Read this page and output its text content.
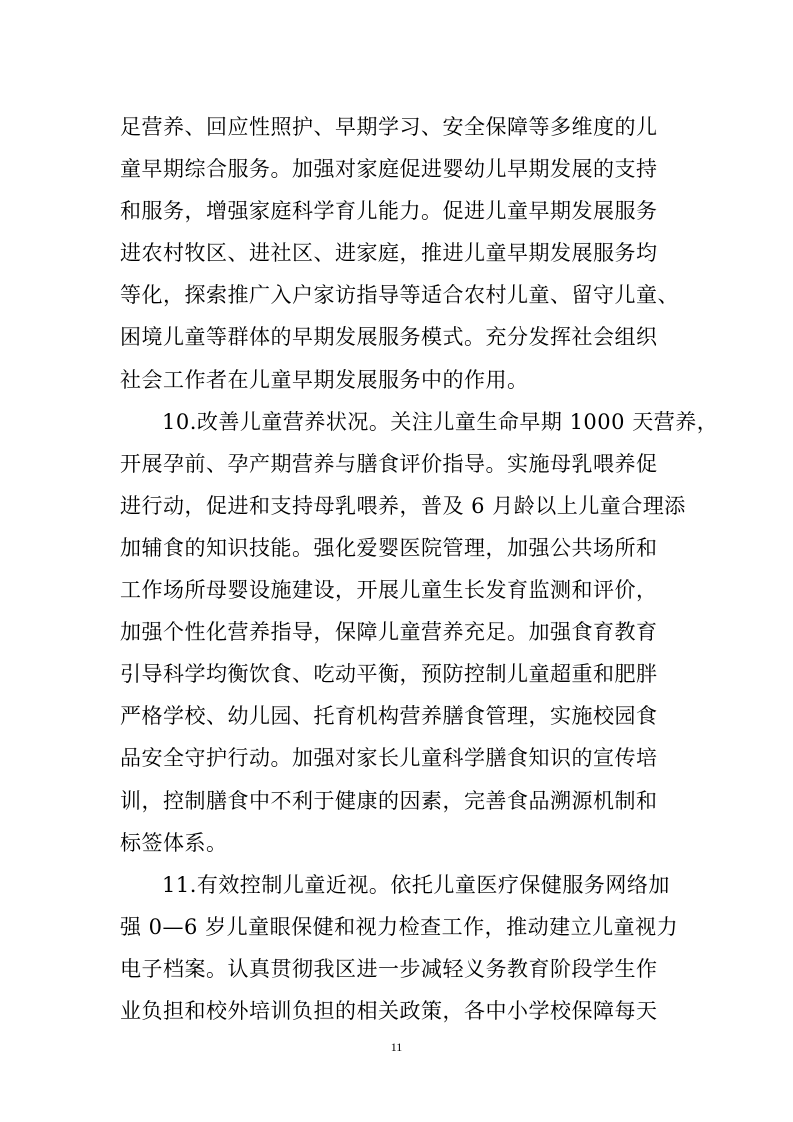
足营养、回应性照护、早期学习、安全保障等多维度的儿
童早期综合服务。加强对家庭促进婴幼儿早期发展的支持
和服务，增强家庭科学育儿能力。促进儿童早期发展服务
进农村牧区、进社区、进家庭，推进儿童早期发展服务均
等化，探索推广入户家访指导等适合农村儿童、留守儿童、
困境儿童等群体的早期发展服务模式。充分发挥社会组织
社会工作者在儿童早期发展服务中的作用。
10.改善儿童营养状况。关注儿童生命早期 1000 天营养，
开展孕前、孕产期营养与膳食评价指导。实施母乳喂养促
进行动，促进和支持母乳喂养，普及 6 月龄以上儿童合理添
加辅食的知识技能。强化爱婴医院管理，加强公共场所和
工作场所母婴设施建设，开展儿童生长发育监测和评价，
加强个性化营养指导，保障儿童营养充足。加强食育教育
引导科学均衡饮食、吃动平衡，预防控制儿童超重和肥胖
严格学校、幼儿园、托育机构营养膳食管理，实施校园食
品安全守护行动。加强对家长儿童科学膳食知识的宣传培
训，控制膳食中不利于健康的因素，完善食品溯源机制和
标签体系。
11.有效控制儿童近视。依托儿童医疗保健服务网络加
强 0—6 岁儿童眼保健和视力检查工作，推动建立儿童视力
电子档案。认真贯彻我区进一步减轻义务教育阶段学生作
业负担和校外培训负担的相关政策，各中小学校保障每天
11
